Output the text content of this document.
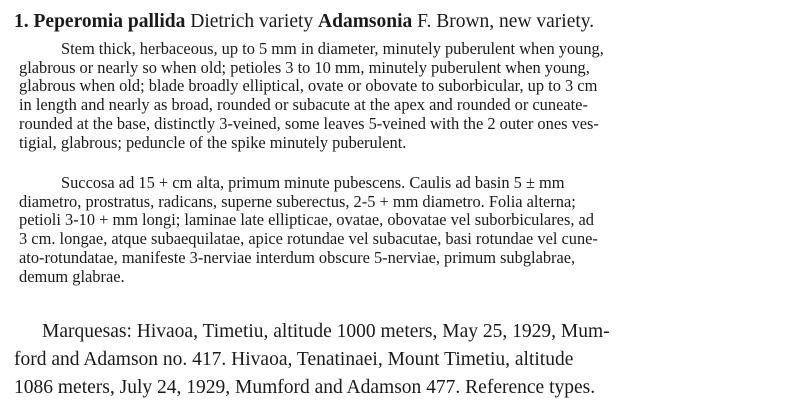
1. Peperomia pallida Dietrich variety Adamsonia F. Brown, new variety.
Stem thick, herbaceous, up to 5 mm in diameter, minutely puberulent when young,
glabrous or nearly so when old; petioles 3 to 10 mm, minutely puberulent when young,
glabrous when old; blade broadly elliptical, ovate or obovate to suborbicular, up to 3 cm
in length and nearly as broad, rounded or subacute at the apex and rounded or cuneate-
rounded at the base, distinctly 3-veined, some leaves 5-veined with the 2 outer ones ves-
tigial, glabrous; peduncle of the spike minutely puberulent.
Succosa ad 15 + cm alta, primum minute pubescens. Caulis ad basin 5 ± mm
diametro, prostratus, radicans, superne suberectus, 2-5 + mm diametro. Folia alterna;
petioli 3-10 + mm longi; laminae late ellipticae, ovatae, obovatae vel suborbiculares, ad
3 cm. longae, atque subaequilatae, apice rotundae vel subacutae, basi rotundae vel cune-
ato-rotundatae, manifeste 3-nerviae interdum obscure 5-nerviae, primum subglabrae,
demum glabrae.
Marquesas: Hivaoa, Timetiu, altitude 1000 meters, May 25, 1929, Mum-
ford and Adamson no. 417. Hivaoa, Tenatinaei, Mount Timetiu, altitude
1086 meters, July 24, 1929, Mumford and Adamson 477. Reference types.
